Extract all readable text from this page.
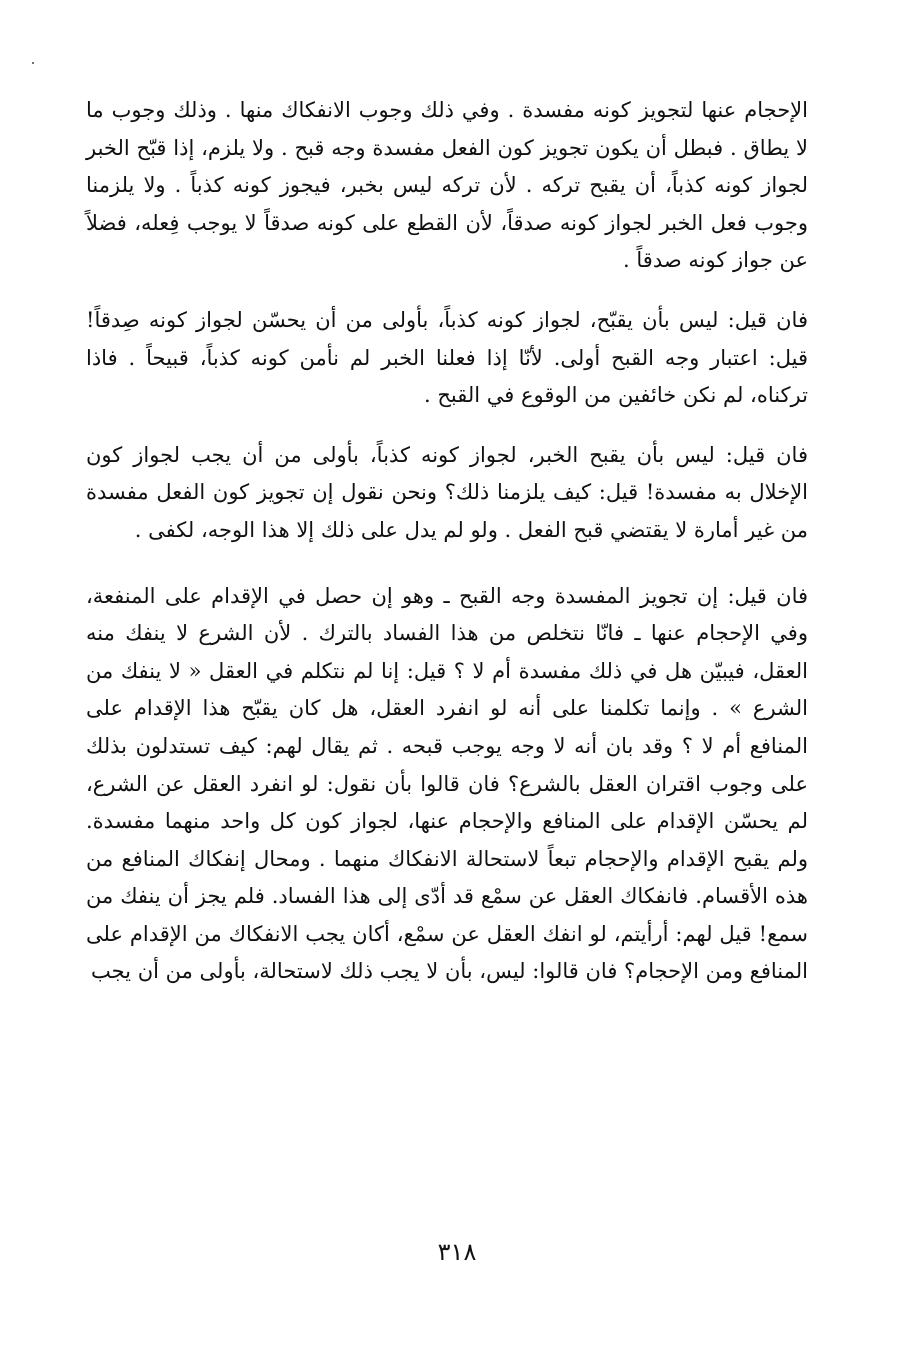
الإحجام عنها لتجويز كونه مفسدة . وفي ذلك وجوب الانفكاك منها . وذلك وجوب ما لا يطاق . فبطل أن يكون تجويز كون الفعل مفسدة وجه قبح . ولا يلزم، إذا قبّح الخبر لجواز كونه كذباً، أن يقبح تركه . لأن تركه ليس بخبر، فيجوز كونه كذباً . ولا يلزمنا وجوب فعل الخبر لجواز كونه صدقاً، لأن القطع على كونه صدقاً لا يوجب فِعله، فضلاً عن جواز كونه صدقاً .

فان قيل: ليس بأن يقبّح، لجواز كونه كذباً، بأولى من أن يحسّن لجواز كونه صِدقاً! قيل: اعتبار وجه القبح أولى. لأنّا إذا فعلنا الخبر لم نأمن كونه كذباً، قبيحاً . فاذا تركناه، لم نكن خائفين من الوقوع في القبح .

فان قيل: ليس بأن يقبح الخبر، لجواز كونه كذباً، بأولى من أن يجب لجواز كون الإخلال به مفسدة! قيل: كيف يلزمنا ذلك؟ ونحن نقول إن تجويز كون الفعل مفسدة من غير أمارة لا يقتضي قبح الفعل . ولو لم يدل على ذلك إلا هذا الوجه، لكفى .

فان قيل: إن تجويز المفسدة وجه القبح ـ وهو إن حصل في الإقدام على المنفعة، وفي الإحجام عنها ـ فانّا نتخلص من هذا الفساد بالترك . لأن الشرع لا ينفك منه العقل، فيبيّن هل في ذلك مفسدة أم لا ؟ قيل: إنا لم نتكلم في العقل « لا ينفك من الشرع » . وإنما تكلمنا على أنه لو انفرد العقل، هل كان يقبّح هذا الإقدام على المنافع أم لا ؟ وقد بان أنه لا وجه يوجب قبحه . ثم يقال لهم: كيف تستدلون بذلك على وجوب اقتران العقل بالشرع؟ فان قالوا بأن نقول: لو انفرد العقل عن الشرع، لم يحسّن الإقدام على المنافع والإحجام عنها، لجواز كون كل واحد منهما مفسدة. ولم يقبح الإقدام والإحجام تبعاً لاستحالة الانفكاك منهما . ومحال إنفكاك المنافع من هذه الأقسام. فانفكاك العقل عن سمْع قد أدّى إلى هذا الفساد. فلم يجز أن ينفك من سمع! قيل لهم: أرأيتم، لو انفك العقل عن سمْع، أكان يجب الانفكاك من الإقدام على المنافع ومن الإحجام؟ فان قالوا: ليس، بأن لا يجب ذلك لاستحالة، بأولى من أن يجب

٣١٨
